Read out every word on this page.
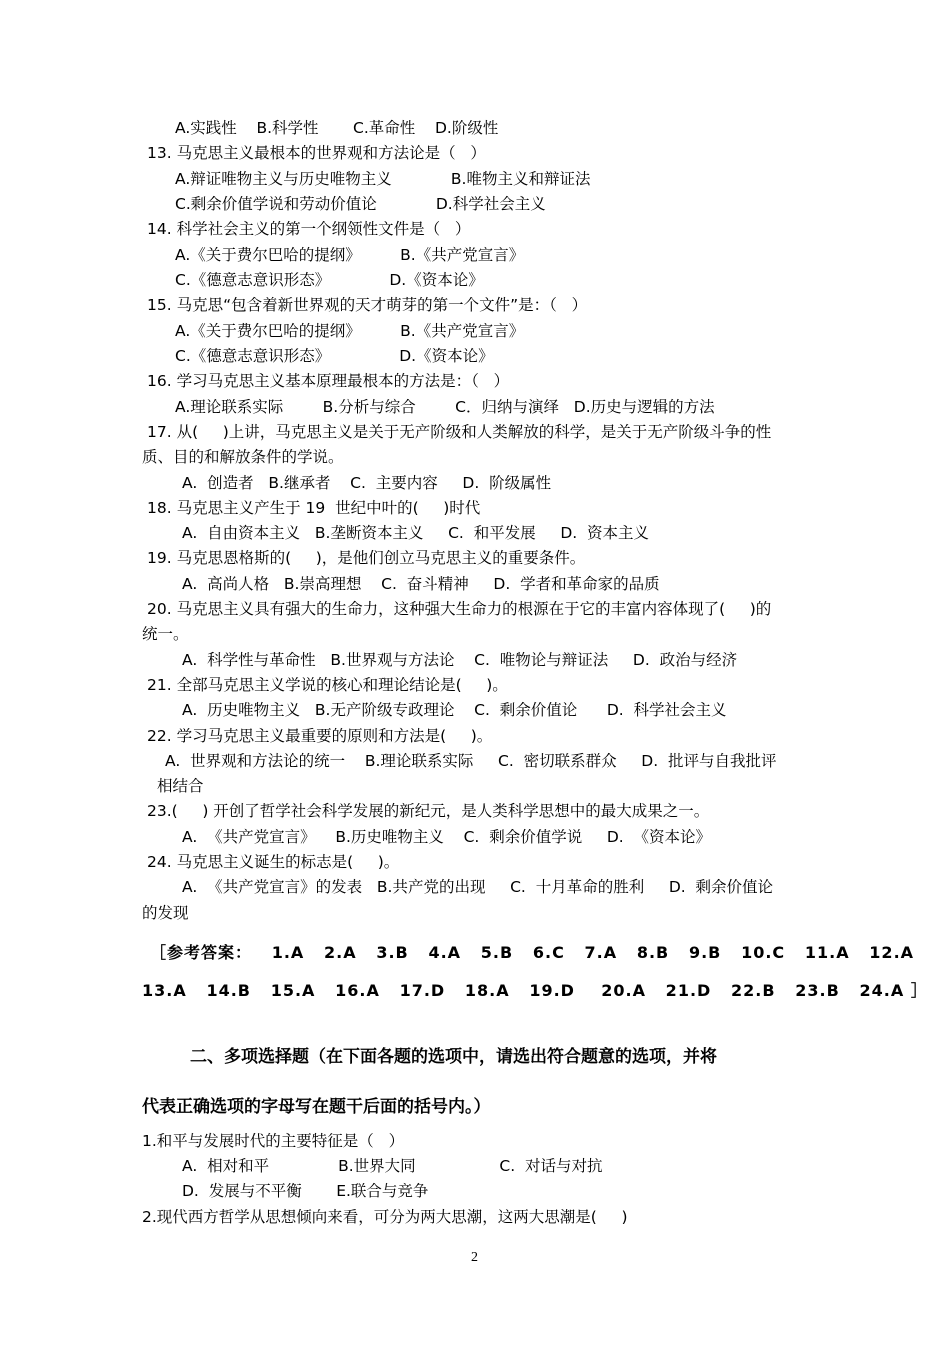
A.实践性    B.科学性       C.革命性    D.阶级性
13. 马克思主义最根本的世界观和方法论是（   ）
A.辩证唯物主义与历史唯物主义            B.唯物主义和辩证法
C.剩余价值学说和劳动价值论            D.科学社会主义
14. 科学社会主义的第一个纲领性文件是（   ）
A.《关于费尔巴哈的提纲》        B.《共产党宣言》
C.《德意志意识形态》            D.《资本论》
15. 马克思“包含着新世界观的天才萌芽的第一个文件”是：（   ）
A.《关于费尔巴哈的提纲》        B.《共产党宣言》
C.《德意志意识形态》              D.《资本论》
16. 学习马克思主义基本原理最根本的方法是：（   ）
A.理论联系实际        B.分析与综合        C．归纳与演绎   D.历史与逻辑的方法
17. 从(     )上讲，马克思主义是关于无产阶级和人类解放的科学，是关于无产阶级斗争的性
质、目的和解放条件的学说。
A.  创造者   B.继承者    C.  主要内容     D.  阶级属性
18. 马克思主义产生于 19  世纪中叶的(     )时代
A.  自由资本主义   B.垄断资本主义     C.  和平发展     D.  资本主义
19. 马克思恩格斯的(     )，是他们创立马克思主义的重要条件。
A.  高尚人格   B.崇高理想    C.  奋斗精神     D.  学者和革命家的品质
20. 马克思主义具有强大的生命力，这种强大生命力的根源在于它的丰富内容体现了(     )的
统一。
A.  科学性与革命性   B.世界观与方法论    C.  唯物论与辩证法     D.  政治与经济
21. 全部马克思主义学说的核心和理论结论是(     )。
A.  历史唯物主义   B.无产阶级专政理论    C.  剩余价值论      D.  科学社会主义
22. 学习马克思主义最重要的原则和方法是(     )。
A.  世界观和方法论的统一    B.理论联系实际     C.  密切联系群众     D.  批评与自我批评
相结合
23.(     ) 开创了哲学社会科学发展的新纪元，是人类科学思想中的最大成果之一。
A.  《共产党宣言》    B.历史唯物主义    C.  剩余价值学说     D.  《资本论》
24. 马克思主义诞生的标志是(     )。
A.  《共产党宣言》的发表   B.共产党的出现     C.  十月革命的胜利     D.  剩余价值论
的发现
［参考答案：   1.A   2.A   3.B   4.A   5.B   6.C   7.A   8.B   9.B   10.C   11.A   12.A
13.A   14.B   15.A   16.A   17.D   18.A   19.D    20.A   21.D   22.B   23.B   24.A ］
二、多项选择题（在下面各题的选项中，请选出符合题意的选项，并将
代表正确选项的字母写在题干后面的括号内。）
1.和平与发展时代的主要特征是（   ）
A.  相对和平              B.世界大同                 C.  对话与对抗
D.  发展与不平衡       E.联合与竞争
2.现代西方哲学从思想倾向来看，可分为两大思潮，这两大思潮是(     )
2
